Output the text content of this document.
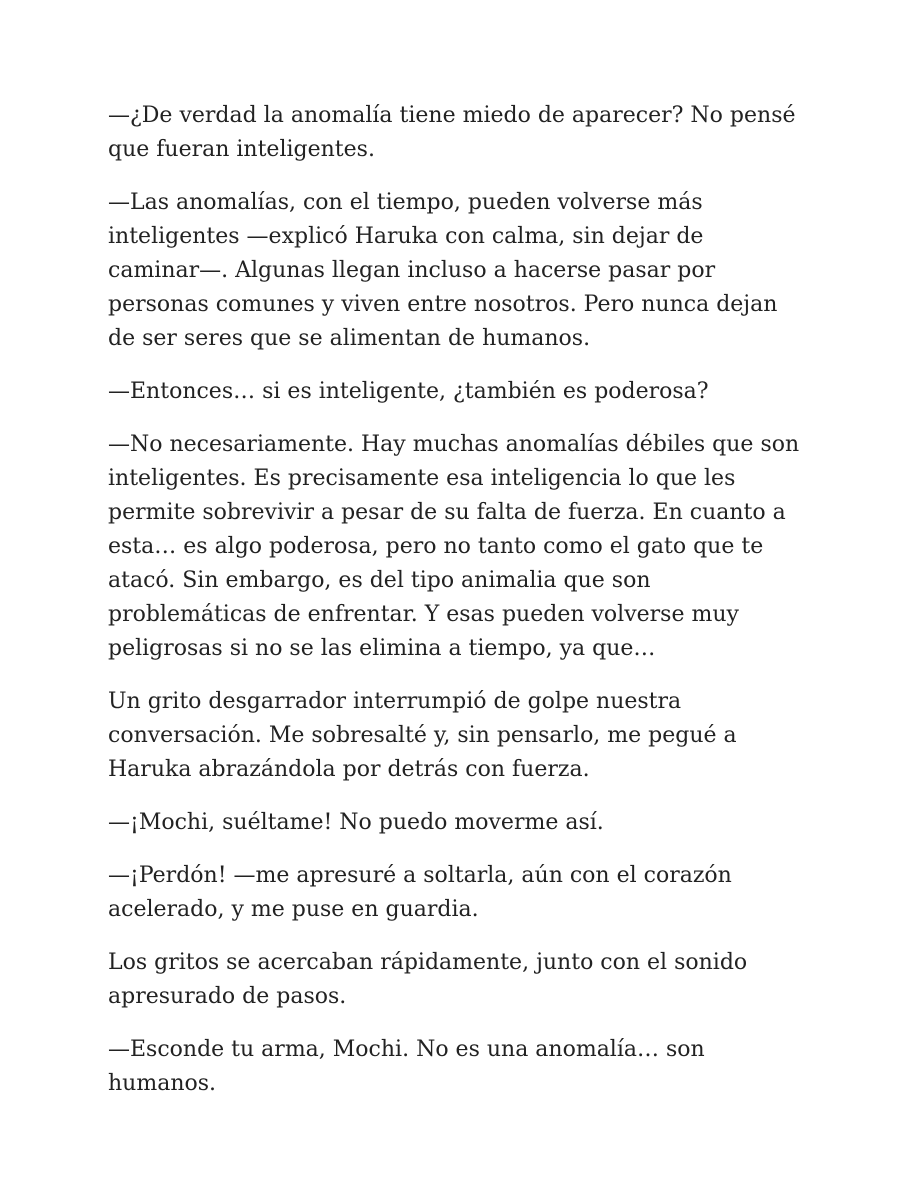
—¿De verdad la anomalía tiene miedo de aparecer? No pensé que fueran inteligentes.

—Las anomalías, con el tiempo, pueden volverse más inteligentes —explicó Haruka con calma, sin dejar de caminar—. Algunas llegan incluso a hacerse pasar por personas comunes y viven entre nosotros. Pero nunca dejan de ser seres que se alimentan de humanos.

—Entonces… si es inteligente, ¿también es poderosa?

—No necesariamente. Hay muchas anomalías débiles que son inteligentes. Es precisamente esa inteligencia lo que les permite sobrevivir a pesar de su falta de fuerza. En cuanto a esta… es algo poderosa, pero no tanto como el gato que te atacó. Sin embargo, es del tipo animalia que son problemáticas de enfrentar. Y esas pueden volverse muy peligrosas si no se las elimina a tiempo, ya que…

Un grito desgarrador interrumpió de golpe nuestra conversación. Me sobresalté y, sin pensarlo, me pegué a Haruka abrazándola por detrás con fuerza.

—¡Mochi, suéltame! No puedo moverme así.

—¡Perdón! —me apresuré a soltarla, aún con el corazón acelerado, y me puse en guardia.

Los gritos se acercaban rápidamente, junto con el sonido apresurado de pasos.

—Esconde tu arma, Mochi. No es una anomalía… son humanos.
